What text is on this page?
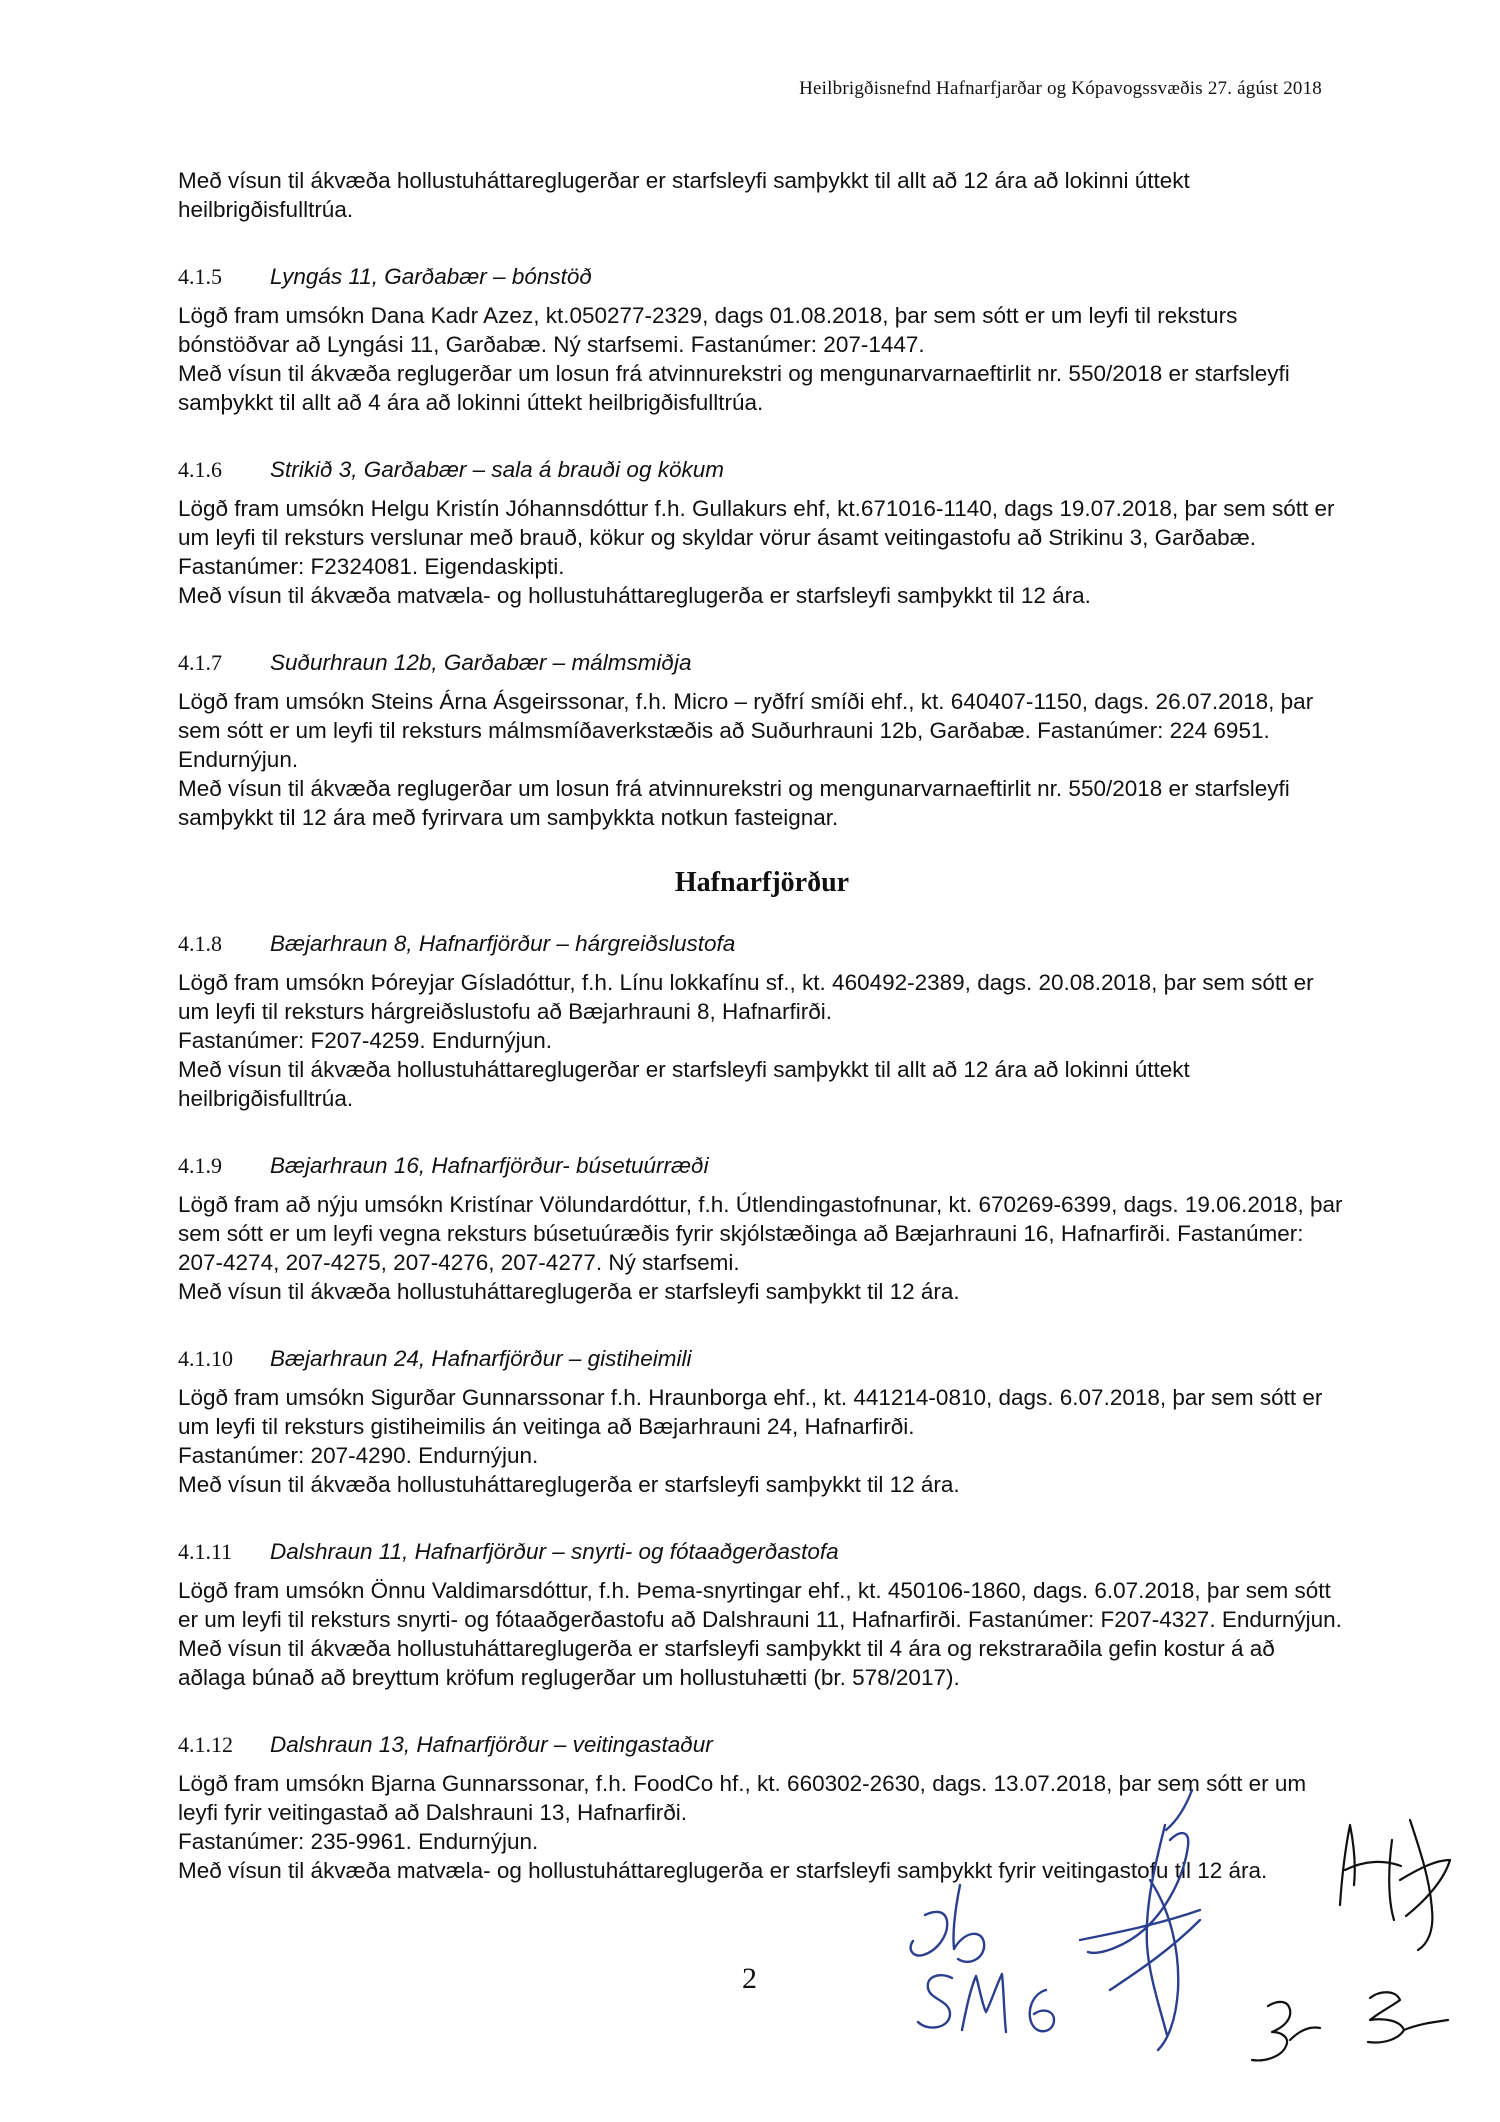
Heilbrigðisnefnd Hafnarfjarðar og Kópavogssvæðis 27. ágúst 2018

Með vísun til ákvæða hollustuháttareglugerðar er starfsleyfi samþykkt til allt að 12 ára að lokinni úttekt heilbrigðisfulltrúa.

4.1.5	Lyngás 11, Garðabær – bónstöð

Lögð fram umsókn Dana Kadr Azez, kt.050277-2329, dags 01.08.2018, þar sem sótt er um leyfi til reksturs bónstöðvar að Lyngási 11, Garðabæ. Ný starfsemi. Fastanúmer: 207-1447.

Með vísun til ákvæða reglugerðar um losun frá atvinnurekstri og mengunarvarnaeftirlit nr. 550/2018 er starfsleyfi samþykkt til allt að 4 ára að lokinni úttekt heilbrigðisfulltrúa.

4.1.6	Strikið 3, Garðabær – sala á brauði og kökum

Lögð fram umsókn Helgu Kristín Jóhannsdóttur f.h. Gullakurs ehf, kt.671016-1140, dags 19.07.2018, þar sem sótt er um leyfi til reksturs verslunar með brauð, kökur og skyldar vörur ásamt veitingastofu að Strikinu 3, Garðabæ. Fastanúmer: F2324081. Eigendaskipti.

Með vísun til ákvæða matvæla- og hollustuháttareglugerða er starfsleyfi samþykkt til 12 ára.

4.1.7	Suðurhraun 12b, Garðabær – málmsmiðja

Lögð fram umsókn Steins Árna Ásgeirssonar, f.h. Micro – ryðfrí smíði ehf., kt. 640407-1150, dags. 26.07.2018, þar sem sótt er um leyfi til reksturs málmsmíðaverkstæðis að Suðurhrauni 12b, Garðabæ. Fastanúmer: 224 6951. Endurnýjun.

Með vísun til ákvæða reglugerðar um losun frá atvinnurekstri og mengunarvarnaeftirlit nr. 550/2018 er starfsleyfi samþykkt til 12 ára með fyrirvara um samþykkta notkun fasteignar.

Hafnarfjörður
4.1.8	Bæjarhraun 8, Hafnarfjörður – hárgreiðslustofa

Lögð fram umsókn Þóreyjar Gísladóttur, f.h. Línu lokkafínu sf., kt. 460492-2389, dags. 20.08.2018, þar sem sótt er um leyfi til reksturs hárgreiðslustofu að Bæjarhrauni 8, Hafnarfirði.

Fastanúmer: F207-4259. Endurnýjun.

Með vísun til ákvæða hollustuháttareglugerðar er starfsleyfi samþykkt til allt að 12 ára að lokinni úttekt heilbrigðisfulltrúa.

4.1.9	Bæjarhraun 16, Hafnarfjörður- búsetuúrræði

Lögð fram að nýju umsókn Kristínar Völundardóttur, f.h. Útlendingastofnunar, kt. 670269-6399, dags. 19.06.2018, þar sem sótt er um leyfi vegna reksturs búsetuúræðis fyrir skjólstæðinga að Bæjarhrauni 16, Hafnarfirði. Fastanúmer: 207-4274, 207-4275, 207-4276, 207-4277. Ný starfsemi.

Með vísun til ákvæða hollustuháttareglugerða er starfsleyfi samþykkt til 12 ára.

4.1.10	Bæjarhraun 24, Hafnarfjörður – gistiheimili

Lögð fram umsókn Sigurðar Gunnarssonar f.h. Hraunborga ehf., kt. 441214-0810, dags. 6.07.2018, þar sem sótt er um leyfi til reksturs gistiheimilis án veitinga að Bæjarhrauni 24, Hafnarfirði.

Fastanúmer: 207-4290. Endurnýjun.

Með vísun til ákvæða hollustuháttareglugerða er starfsleyfi samþykkt til 12 ára.

4.1.11	Dalshraun 11, Hafnarfjörður – snyrti- og fótaaðgerðastofa

Lögð fram umsókn Önnu Valdimarsdóttur, f.h. Þema-snyrtingar ehf., kt. 450106-1860, dags. 6.07.2018, þar sem sótt er um leyfi til reksturs snyrti- og fótaaðgerðastofu að Dalshrauni 11, Hafnarfirði. Fastanúmer: F207-4327. Endurnýjun.

Með vísun til ákvæða hollustuháttareglugerða er starfsleyfi samþykkt til 4 ára og rekstraraðila gefin kostur á að aðlaga búnað að breyttum kröfum reglugerðar um hollustuhætti (br. 578/2017).

4.1.12	Dalshraun 13, Hafnarfjörður – veitingastaður

Lögð fram umsókn Bjarna Gunnarssonar, f.h. FoodCo hf., kt. 660302-2630, dags. 13.07.2018, þar sem sótt er um leyfi fyrir veitingastað að Dalshrauni 13, Hafnarfirði.

Fastanúmer: 235-9961. Endurnýjun.

Með vísun til ákvæða matvæla- og hollustuháttareglugerða er starfsleyfi samþykkt fyrir veitingastofu til 12 ára.

2
